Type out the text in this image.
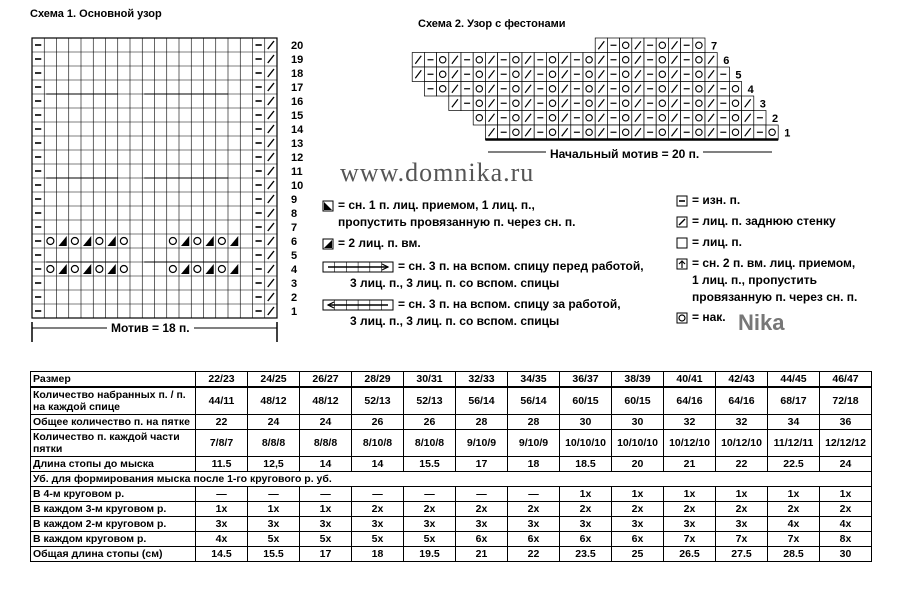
Схема 1. Основной узор
20
19
18
17
16
15
14
13
12
11
10
9
8
7
6
5
4
3
2
1
Мотив = 18 п.
Схема 2. Узор с фестонами
7
6
5
4
3
2
1
Начальный мотив = 20 п.
www.domnika.ru
= сн. 1 п. лиц. приемом, 1 лиц. п.,
пропустить провязанную п. через сн. п.
= 2 лиц. п. вм.
= сн. 3 п. на вспом. спицу перед работой,
3 лиц. п., 3 лиц. п. со вспом. спицы
= сн. 3 п. на вспом. спицу за работой,
3 лиц. п., 3 лиц. п. со вспом. спицы
= изн. п.
= лиц. п. заднюю стенку
= лиц. п.
= сн. 2 п. вм. лиц. приемом,
1 лиц. п., пропустить
провязанную п. через сн. п.
= нак. Nika
Размер	22/23	24/25	26/27	28/29	30/31	32/33	34/35	36/37	38/39	40/41	42/43	44/45	46/47
Количество набранных п. / п. на каждой спице	44/11	48/12	48/12	52/13	52/13	56/14	56/14	60/15	60/15	64/16	64/16	68/17	72/18
Общее количество п. на пятке	22	24	24	26	26	28	28	30	30	32	32	34	36
Количество п. каждой части пятки	7/8/7	8/8/8	8/8/8	8/10/8	8/10/8	9/10/9	9/10/9	10/10/10	10/10/10	10/12/10	10/12/10	11/12/11	12/12/12
Длина стопы до мыска	11.5	12,5	14	14	15.5	17	18	18.5	20	21	22	22.5	24
Уб. для формирования мыска после 1-го кругового р. уб.													
В 4-м круговом р.	—	—	—	—	—	—	—	1x	1x	1x	1x	1x	1x
В каждом 3-м круговом р.	1x	1x	1x	2x	2x	2x	2x	2x	2x	2x	2x	2x	2x
В каждом 2-м круговом р.	3x	3x	3x	3x	3x	3x	3x	3x	3x	3x	3x	4x	4x
В каждом круговом р.	4x	5x	5x	5x	5x	6x	6x	6x	6x	7x	7x	7x	8x
Общая длина стопы (см)	14.5	15.5	17	18	19.5	21	22	23.5	25	26.5	27.5	28.5	30
